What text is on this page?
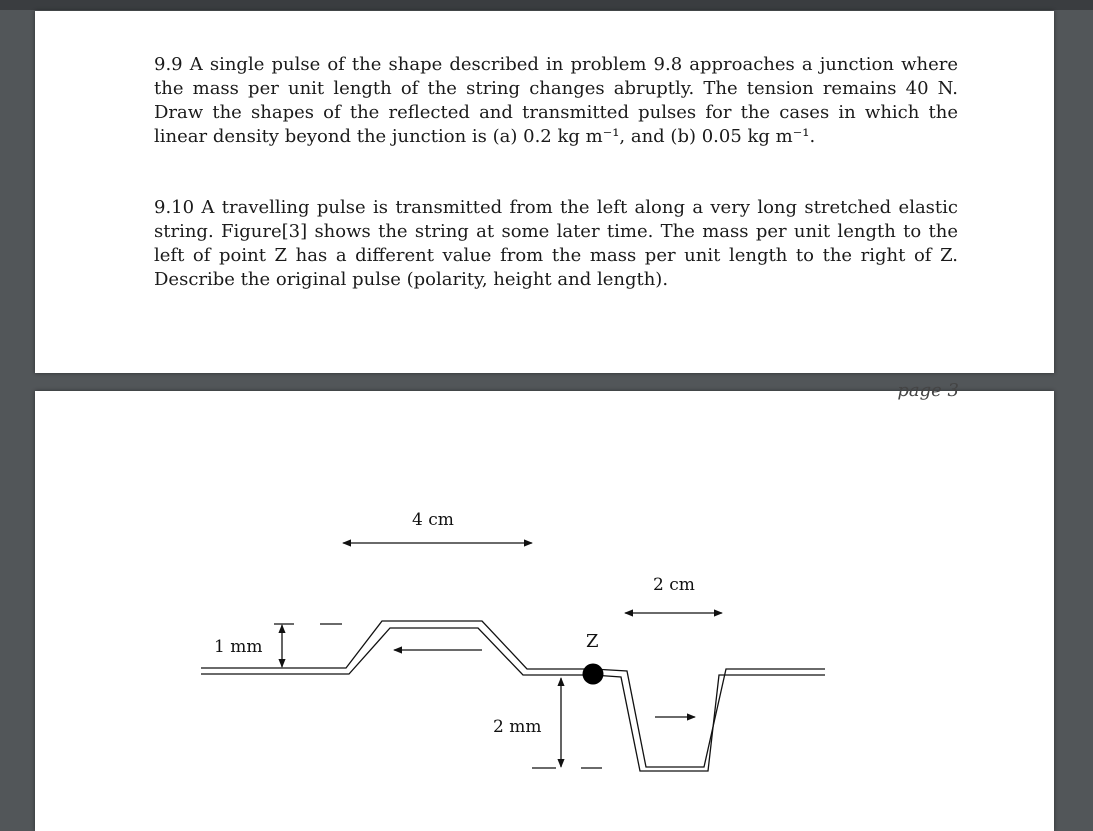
9.9 A single pulse of the shape described in problem 9.8 approaches a junction where the mass per unit length of the string changes abruptly. The tension remains 40 N. Draw the shapes of the reflected and transmitted pulses for the cases in which the linear density beyond the junction is (a) 0.2 kg m⁻¹, and (b) 0.05 kg m⁻¹.

9.10 A travelling pulse is transmitted from the left along a very long stretched elastic string. Figure[3] shows the string at some later time. The mass per unit length to the left of point Z has a different value from the mass per unit length to the right of Z. Describe the original pulse (polarity, height and length).

page 3
4 cm
2 cm
1 mm
2 mm
Z
